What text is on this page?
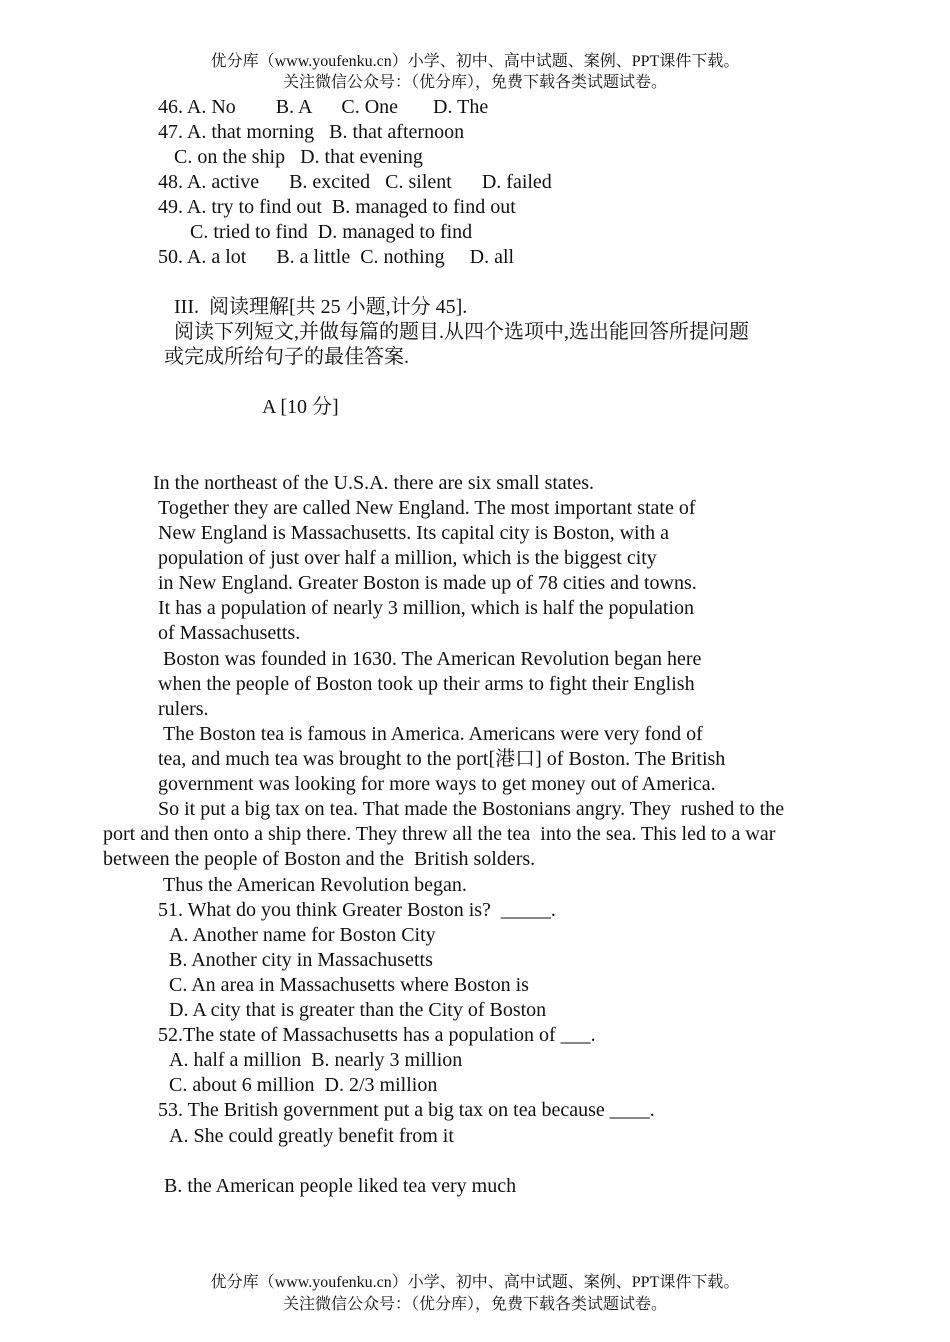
优分库（www.youfenku.cn）小学、初中、高中试题、案例、PPT课件下载。
关注微信公众号：（优分库），免费下载各类试题试卷。
46. A. No        B. A      C. One       D. The
47. A. that morning   B. that afternoon
C. on the ship   D. that evening
48. A. active      B. excited   C. silent      D. failed
49. A. try to find out  B. managed to find out
C. tried to find  D. managed to find
50. A. a lot      B. a little  C. nothing     D. all
III.  阅读理解[共 25 小题,计分 45].
阅读下列短文,并做每篇的题目.从四个选项中,选出能回答所提问题
或完成所给句子的最佳答案.
A [10 分]
In the northeast of the U.S.A. there are six small states.
Together they are called New England. The most important state of
New England is Massachusetts. Its capital city is Boston, with a
population of just over half a million, which is the biggest city
in New England. Greater Boston is made up of 78 cities and towns.
It has a population of nearly 3 million, which is half the population
of Massachusetts.
Boston was founded in 1630. The American Revolution began here
when the people of Boston took up their arms to fight their English
rulers.
The Boston tea is famous in America. Americans were very fond of
tea, and much tea was brought to the port[港口] of Boston. The British
government was looking for more ways to get money out of America.
So it put a big tax on tea. That made the Bostonians angry. They  rushed to the
port and then onto a ship there. They threw all the tea  into the sea. This led to a war
between the people of Boston and the  British solders.
Thus the American Revolution began.
51. What do you think Greater Boston is?  _____.
A. Another name for Boston City
B. Another city in Massachusetts
C. An area in Massachusetts where Boston is
D. A city that is greater than the City of Boston
52.The state of Massachusetts has a population of ___.
A. half a million  B. nearly 3 million
C. about 6 million  D. 2/3 million
53. The British government put a big tax on tea because ____.
A. She could greatly benefit from it
B. the American people liked tea very much
优分库（www.youfenku.cn）小学、初中、高中试题、案例、PPT课件下载。
关注微信公众号：（优分库），免费下载各类试题试卷。
